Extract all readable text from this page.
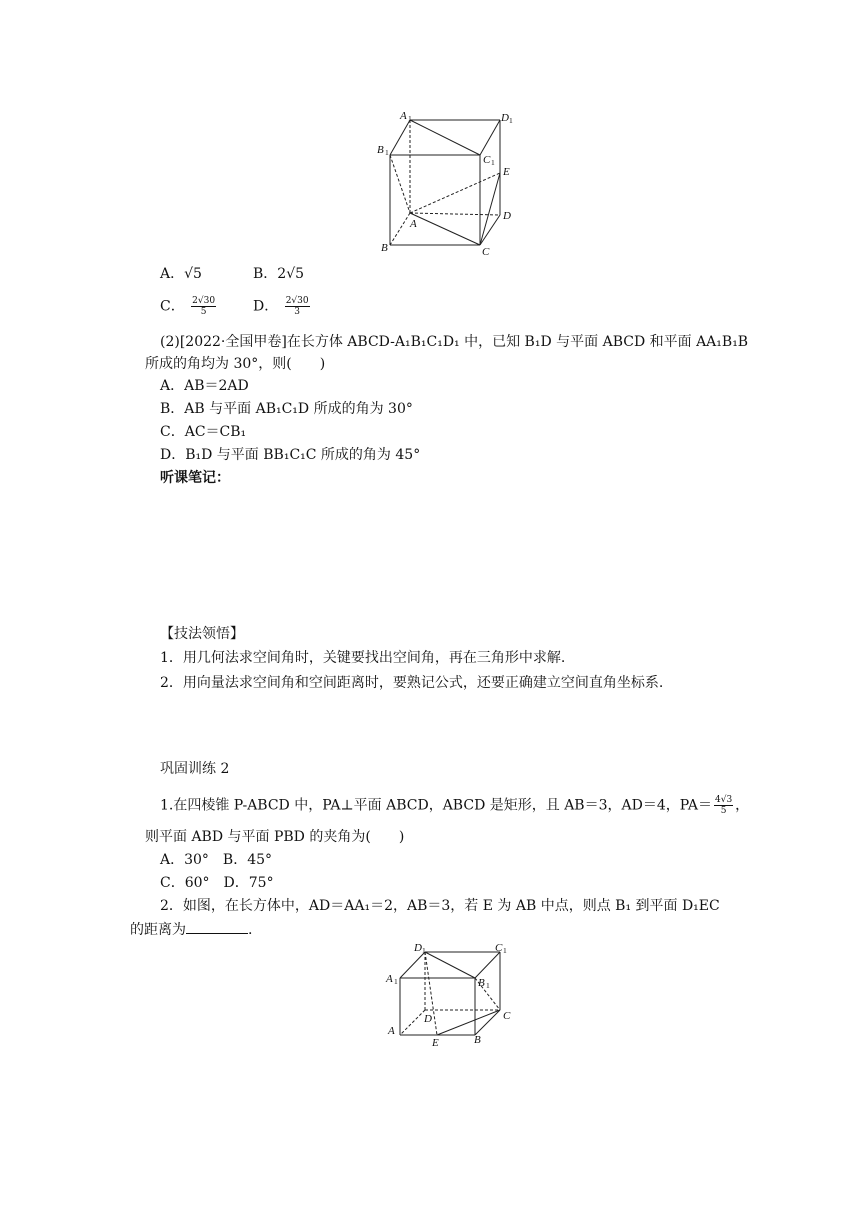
A 1	D 1
B 1
C 1
E
D
A
B	C
A．√5	B．2√5
C． $\frac{2√30}{5}$	D． $\frac{2√30}{3}$
(2)[2022·全国甲卷]在长方体 ABCD-A₁B₁C₁D₁ 中，已知 B₁D 与平面 ABCD 和平面 AA₁B₁B
所成的角均为 30°，则(　　)
A．AB＝2AD
B．AB 与平面 AB₁C₁D 所成的角为 30°
C．AC＝CB₁
D．B₁D 与平面 BB₁C₁C 所成的角为 45°
听课笔记：
【技法领悟】
1．用几何法求空间角时，关键要找出空间角，再在三角形中求解.
2．用向量法求空间角和空间距离时，要熟记公式，还要正确建立空间直角坐标系.
巩固训练 2
1.在四棱锥 P-ABCD 中，PA⊥平面 ABCD，ABCD 是矩形，且 AB＝3，AD＝4，$PA= \frac{4√3}{5}$ ，
则平面 ABD 与平面 PBD 的夹角为(　　)
A．30°　B．45°
C．60°　D．75°
2．如图，在长方体中，AD＝AA₁＝2，AB＝3，若 E 为 AB 中点，则点 B₁ 到平面 D₁EC
的距离为	.
D 1	C 1
A 1	B 1
D	C
A
E	B
